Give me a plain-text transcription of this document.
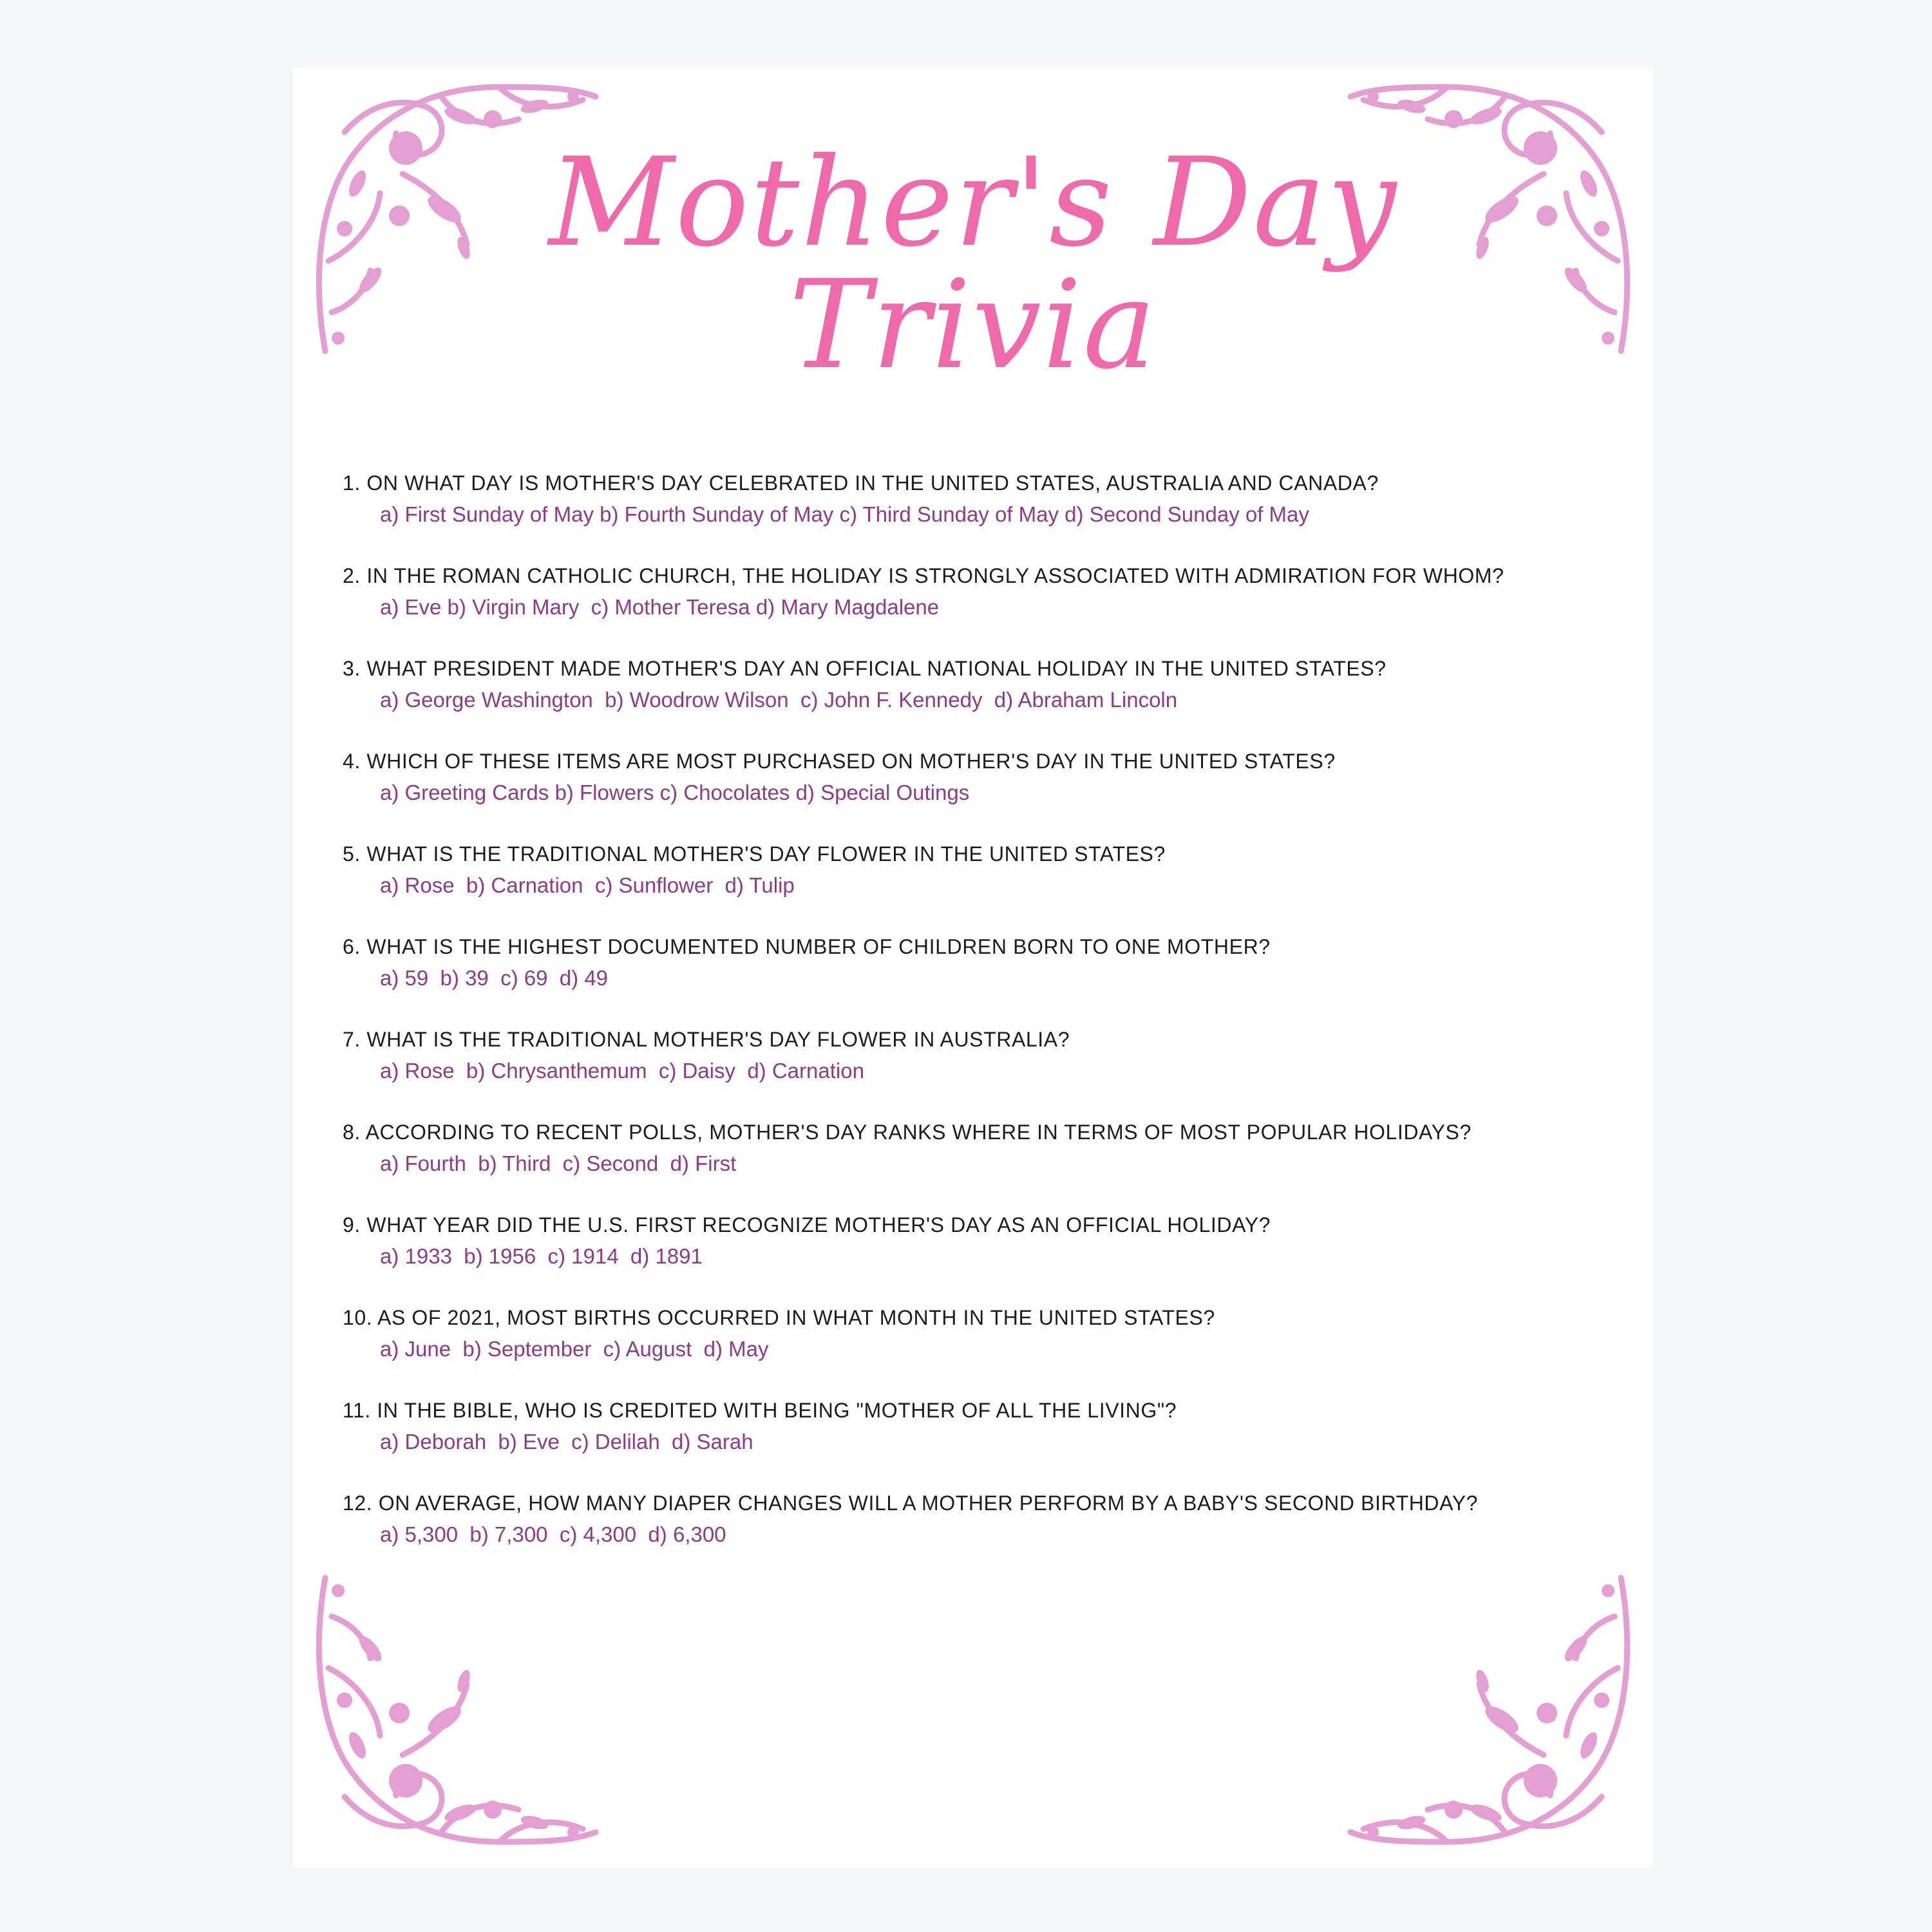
Mother's Day
Trivia
1. ON WHAT DAY IS MOTHER'S DAY CELEBRATED IN THE UNITED STATES, AUSTRALIA AND CANADA?
a) First Sunday of May b) Fourth Sunday of May c) Third Sunday of May d) Second Sunday of May
2. IN THE ROMAN CATHOLIC CHURCH, THE HOLIDAY IS STRONGLY ASSOCIATED WITH ADMIRATION FOR WHOM?
a) Eve b) Virgin Mary  c) Mother Teresa d) Mary Magdalene
3. WHAT PRESIDENT MADE MOTHER'S DAY AN OFFICIAL NATIONAL HOLIDAY IN THE UNITED STATES?
a) George Washington  b) Woodrow Wilson  c) John F. Kennedy  d) Abraham Lincoln
4. WHICH OF THESE ITEMS ARE MOST PURCHASED ON MOTHER'S DAY IN THE UNITED STATES?
a) Greeting Cards b) Flowers c) Chocolates d) Special Outings
5. WHAT IS THE TRADITIONAL MOTHER'S DAY FLOWER IN THE UNITED STATES?
a) Rose  b) Carnation  c) Sunflower  d) Tulip
6. WHAT IS THE HIGHEST DOCUMENTED NUMBER OF CHILDREN BORN TO ONE MOTHER?
a) 59  b) 39  c) 69  d) 49
7. WHAT IS THE TRADITIONAL MOTHER'S DAY FLOWER IN AUSTRALIA?
a) Rose  b) Chrysanthemum  c) Daisy  d) Carnation
8. ACCORDING TO RECENT POLLS, MOTHER'S DAY RANKS WHERE IN TERMS OF MOST POPULAR HOLIDAYS?
a) Fourth  b) Third  c) Second  d) First
9. WHAT YEAR DID THE U.S. FIRST RECOGNIZE MOTHER'S DAY AS AN OFFICIAL HOLIDAY?
a) 1933  b) 1956  c) 1914  d) 1891
10. AS OF 2021, MOST BIRTHS OCCURRED IN WHAT MONTH IN THE UNITED STATES?
a) June  b) September  c) August  d) May
11. IN THE BIBLE, WHO IS CREDITED WITH BEING "MOTHER OF ALL THE LIVING"?
a) Deborah  b) Eve  c) Delilah  d) Sarah
12. ON AVERAGE, HOW MANY DIAPER CHANGES WILL A MOTHER PERFORM BY A BABY'S SECOND BIRTHDAY?
a) 5,300  b) 7,300  c) 4,300  d) 6,300
